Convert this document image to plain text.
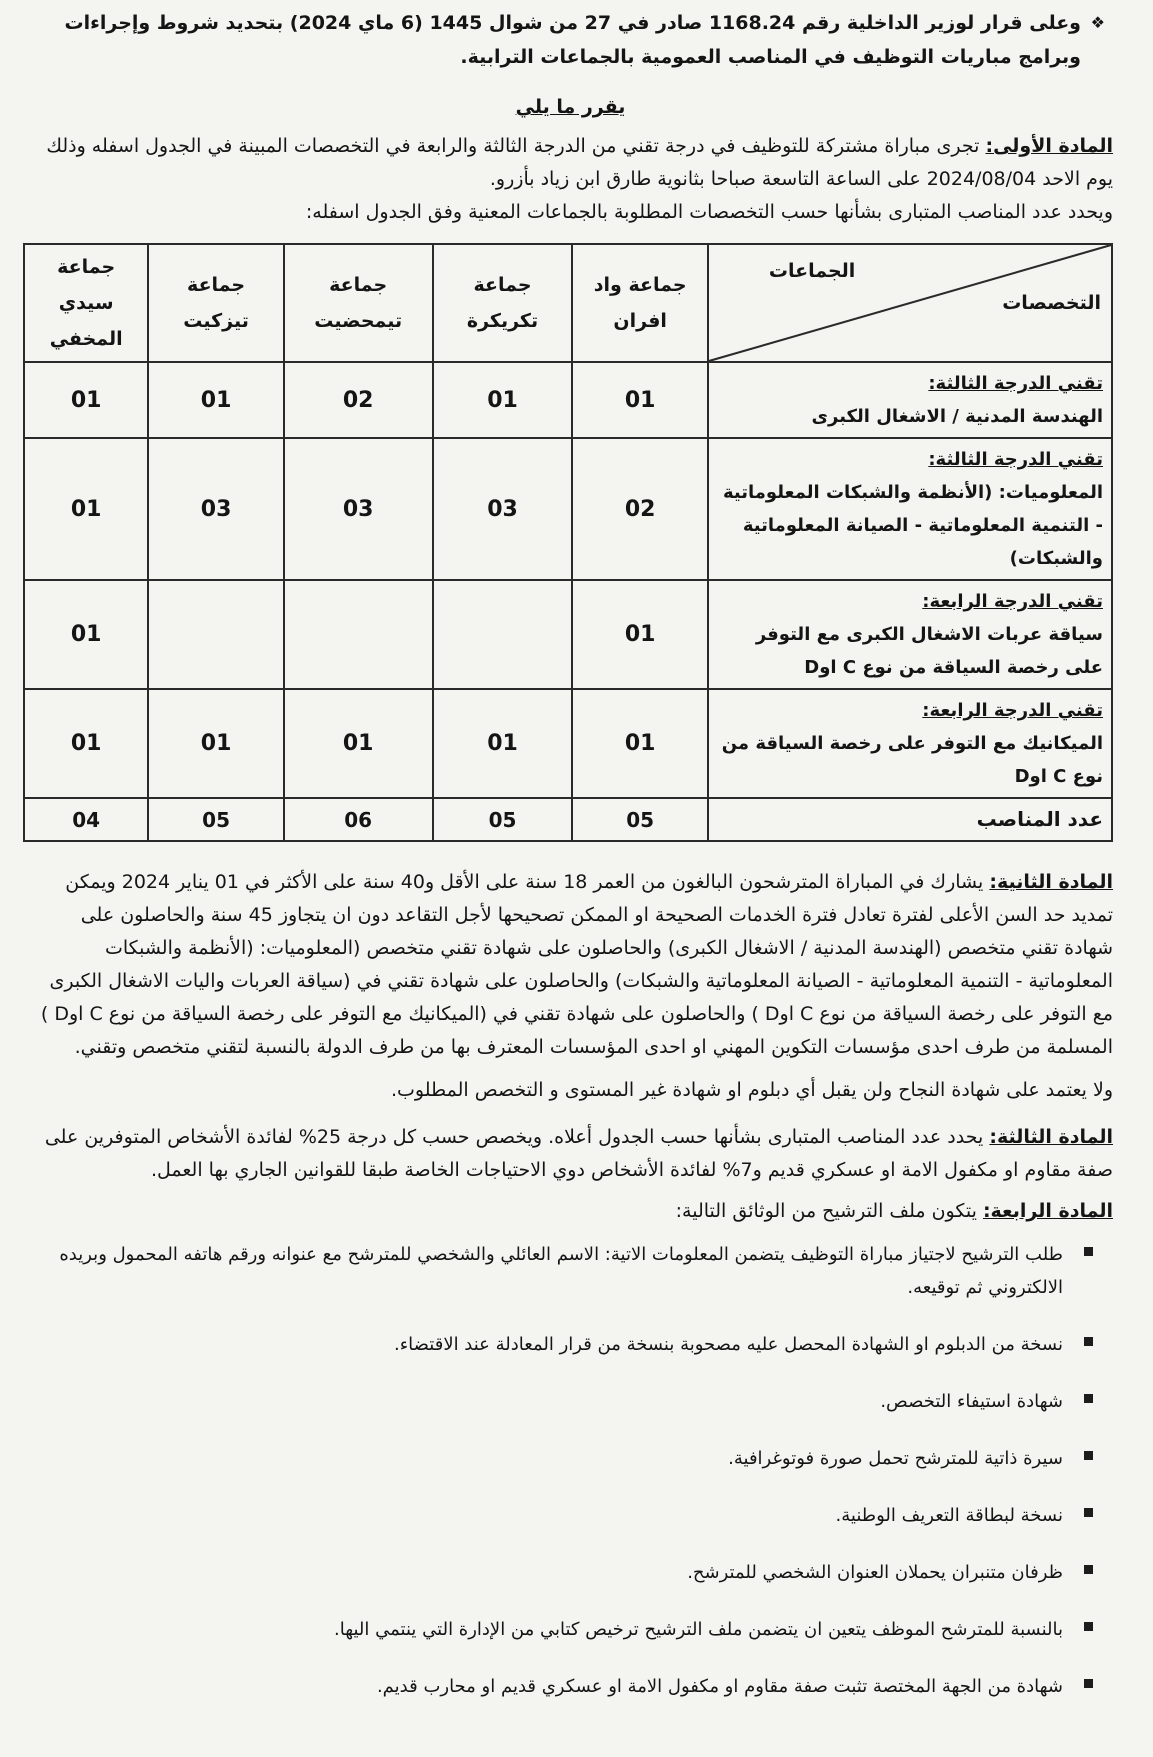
❖

وعلى قرار لوزير الداخلية رقم 1168.24 صادر في 27 من شوال 1445 (6 ماي 2024) بتحديد شروط وإجراءات وبرامج مباريات التوظيف في المناصب العمومية بالجماعات الترابية.

يقرر ما يلي

المادة الأولى: تجرى مباراة مشتركة للتوظيف في درجة تقني من الدرجة الثالثة والرابعة في التخصصات المبينة في الجدول اسفله وذلك يوم الاحد 2024/08/04 على الساعة التاسعة صباحا بثانوية طارق ابن زياد بأزرو.

ويحدد عدد المناصب المتبارى بشأنها حسب التخصصات المطلوبة بالجماعات المعنية وفق الجدول اسفله:

الجماعات
التخصصات	جماعة واد افران	جماعة تكريكرة	جماعة تيمحضيت	جماعة تيزكيت	جماعة سيدي المخفي

تقني الدرجة الثالثة:
الهندسة المدنية / الاشغال الكبرى	01	01	02	01	01

تقني الدرجة الثالثة:
المعلوميات: (الأنظمة والشبكات المعلوماتية - التنمية المعلوماتية - الصيانة المعلوماتية والشبكات)	02	03	03	03	01

تقني الدرجة الرابعة:
سياقة عربات الاشغال الكبرى مع التوفر على رخصة السياقة من نوع C اوD	01				01

تقني الدرجة الرابعة:
الميكانيك مع التوفر على رخصة السياقة من نوع C اوD	01	01	01	01	01
عدد المناصب	05	05	06	05	04

المادة الثانية: يشارك في المباراة المترشحون البالغون من العمر 18 سنة على الأقل و40 سنة على الأكثر في 01 يناير 2024 ويمكن تمديد حد السن الأعلى لفترة تعادل فترة الخدمات الصحيحة او الممكن تصحيحها لأجل التقاعد دون ان يتجاوز 45 سنة والحاصلون على شهادة تقني متخصص (الهندسة المدنية / الاشغال الكبرى) والحاصلون على شهادة تقني متخصص (المعلوميات: (الأنظمة والشبكات المعلوماتية - التنمية المعلوماتية - الصيانة المعلوماتية والشبكات) والحاصلون على شهادة تقني في (سياقة العربات واليات الاشغال الكبرى مع التوفر على رخصة السياقة من نوع C اوD ) والحاصلون على شهادة تقني في (الميكانيك مع التوفر على رخصة السياقة من نوع C اوD ) المسلمة من طرف احدى مؤسسات التكوين المهني او احدى المؤسسات المعترف بها من طرف الدولة بالنسبة لتقني متخصص وتقني.

ولا يعتمد على شهادة النجاح ولن يقبل أي دبلوم او شهادة غير المستوى و التخصص المطلوب.

المادة الثالثة: يحدد عدد المناصب المتبارى بشأنها حسب الجدول أعلاه. ويخصص حسب كل درجة 25% لفائدة الأشخاص المتوفرين على صفة مقاوم او مكفول الامة او عسكري قديم و7% لفائدة الأشخاص دوي الاحتياجات الخاصة طبقا للقوانين الجاري بها العمل.

المادة الرابعة: يتكون ملف الترشيح من الوثائق التالية:

طلب الترشيح لاجتياز مباراة التوظيف يتضمن المعلومات الاتية: الاسم العائلي والشخصي للمترشح مع عنوانه ورقم هاتفه المحمول وبريده الالكتروني ثم توقيعه.
نسخة من الدبلوم او الشهادة المحصل عليه مصحوبة بنسخة من قرار المعادلة عند الاقتضاء.
شهادة استيفاء التخصص.
سيرة ذاتية للمترشح تحمل صورة فوتوغرافية.
نسخة لبطاقة التعريف الوطنية.
ظرفان متنبران يحملان العنوان الشخصي للمترشح.
بالنسبة للمترشح الموظف يتعين ان يتضمن ملف الترشيح ترخيص كتابي من الإدارة التي ينتمي اليها.
شهادة من الجهة المختصة تثبت صفة مقاوم او مكفول الامة او عسكري قديم او محارب قديم.
